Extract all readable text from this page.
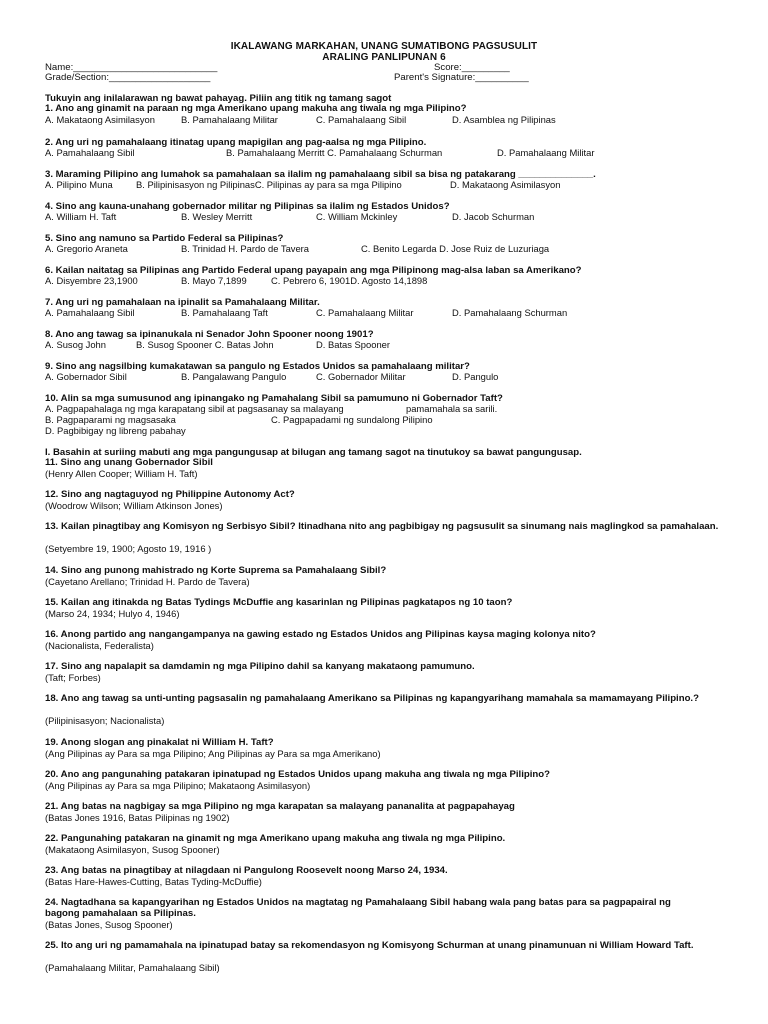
IKALAWANG MARKAHAN, UNANG SUMATIBONG PAGSUSULIT
ARALING PANLIPUNAN 6
Name:___________________________	Score:_________
Grade/Section:___________________	Parent's Signature:__________
Tukuyin ang inilalarawan ng bawat pahayag. Piliin ang titik ng tamang sagot
1. Ano ang ginamit na paraan ng mga Amerikano upang makuha ang tiwala ng mga Pilipino?
A. Makataong Asimilasyon	B. Pamahalaang Militar	C. Pamahalaang Sibil	D. Asamblea ng Pilipinas
2. Ang uri ng pamahalaang itinatag upang mapigilan ang pag-aalsa ng mga Pilipino.
A. Pamahalaang Sibil	B. Pamahalaang Merritt C. Pamahalaang Schurman	D. Pamahalaang Militar
3. Maraming Pilipino ang lumahok sa pamahalaan sa ilalim ng pamahalaang sibil sa bisa ng patakarang ______________.
A. Pilipino Muna B. Pilipinisasyon ng PilipinasC. Pilipinas ay para sa mga Pilipino	D. Makataong Asimilasyon
4. Sino ang kauna-unahang gobernador militar ng Pilipinas sa ilalim ng Estados Unidos?
A. William H. Taft	B. Wesley Merritt	C. William Mckinley	D. Jacob Schurman
5. Sino ang namuno sa Partido Federal sa Pilipinas?
A. Gregorio Araneta	B. Trinidad H. Pardo de Tavera	C. Benito Legarda D. Jose Ruiz de Luzuriaga
6. Kailan naitatag sa Pilipinas ang Partido Federal upang payapain ang mga Pilipinong mag-alsa laban sa Amerikano?
A. Disyembre 23,1900	B. Mayo 7,1899	C. Pebrero 6, 1901D. Agosto 14,1898
7. Ang uri ng pamahalaan na ipinalit sa Pamahalaang Militar.
A. Pamahalaang Sibil	B. Pamahalaang Taft	C. Pamahalaang Militar	D. Pamahalaang Schurman
8. Ano ang tawag sa ipinanukala ni Senador John Spooner noong 1901?
A. Susog John	B. Susog Spooner C. Batas John	D. Batas Spooner
9. Sino ang nagsilbing kumakatawan sa pangulo ng Estados Unidos sa pamahalaang militar?
A. Gobernador Sibil	B. Pangalawang Pangulo	C. Gobernador Militar	D. Pangulo
10. Alin sa mga sumusunod ang ipinangako ng Pamahalang Sibil sa pamumuno ni Gobernador Taft?
A. Pagpapahalaga ng mga karapatang sibil at pagsasanay sa malayang	pamamahala sa sarili.
B. Pagpaparami ng magsasaka	C. Pagpapadami ng sundalong Pilipino
D. Pagbibigay ng libreng pabahay
I. Basahin at suriing mabuti ang mga pangungusap at bilugan ang tamang sagot na tinutukoy sa bawat pangungusap.
11. Sino ang unang Gobernador Sibil
(Henry Allen Cooper; William H. Taft)
12. Sino ang nagtaguyod ng Philippine Autonomy Act?
(Woodrow Wilson; William Atkinson Jones)
13. Kailan pinagtibay ang Komisyon ng Serbisyo Sibil? Itinadhana nito ang pagbibigay ng pagsusulit sa sinumang nais maglingkod sa pamahalaan.
(Setyembre 19, 1900; Agosto 19, 1916 )
14. Sino ang punong mahistrado ng Korte Suprema sa Pamahalaang Sibil?
(Cayetano Arellano; Trinidad H. Pardo de Tavera)
15. Kailan ang itinakda ng Batas Tydings McDuffie ang kasarinlan ng Pilipinas pagkatapos ng 10 taon?
(Marso 24, 1934; Hulyo 4, 1946)
16. Anong partido ang nangangampanya na gawing estado ng Estados Unidos ang Pilipinas kaysa maging kolonya nito?
(Nacionalista, Federalista)
17. Sino ang napalapit sa damdamin ng mga Pilipino dahil sa kanyang makataong pamumuno.
(Taft; Forbes)
18. Ano ang tawag sa unti-unting pagsasalin ng pamahalaang Amerikano sa Pilipinas ng kapangyarihang mamahala sa mamamayang Pilipino.?
(Pilipinisasyon; Nacionalista)
19. Anong slogan ang pinakalat ni William H. Taft?
(Ang Pilipinas ay Para sa mga Pilipino; Ang Pilipinas ay Para sa mga Amerikano)
20. Ano ang pangunahing patakaran ipinatupad ng Estados Unidos upang makuha ang tiwala ng mga Pilipino?
(Ang Pilipinas ay Para sa mga Pilipino; Makataong Asimilasyon)
21. Ang batas na nagbigay sa mga Pilipino ng mga karapatan sa malayang pananalita at pagpapahayag
(Batas Jones 1916, Batas Pilipinas ng 1902)
22. Pangunahing patakaran na ginamit ng mga Amerikano upang makuha ang tiwala ng mga Pilipino.
(Makataong Asimilasyon, Susog Spooner)
23. Ang batas na pinagtibay at nilagdaan ni Pangulong Roosevelt noong Marso 24, 1934.
(Batas Hare-Hawes-Cutting, Batas Tyding-McDuffie)
24. Nagtadhana sa kapangyarihan ng Estados Unidos na magtatag ng Pamahalaang Sibil habang wala pang batas para sa pagpapairal ng bagong pamahalaan sa Pilipinas.
(Batas Jones, Susog Spooner)
25. Ito ang uri ng pamamahala na ipinatupad batay sa rekomendasyon ng Komisyong Schurman at unang pinamunuan ni William Howard Taft.
(Pamahalaang Militar, Pamahalaang Sibil)
